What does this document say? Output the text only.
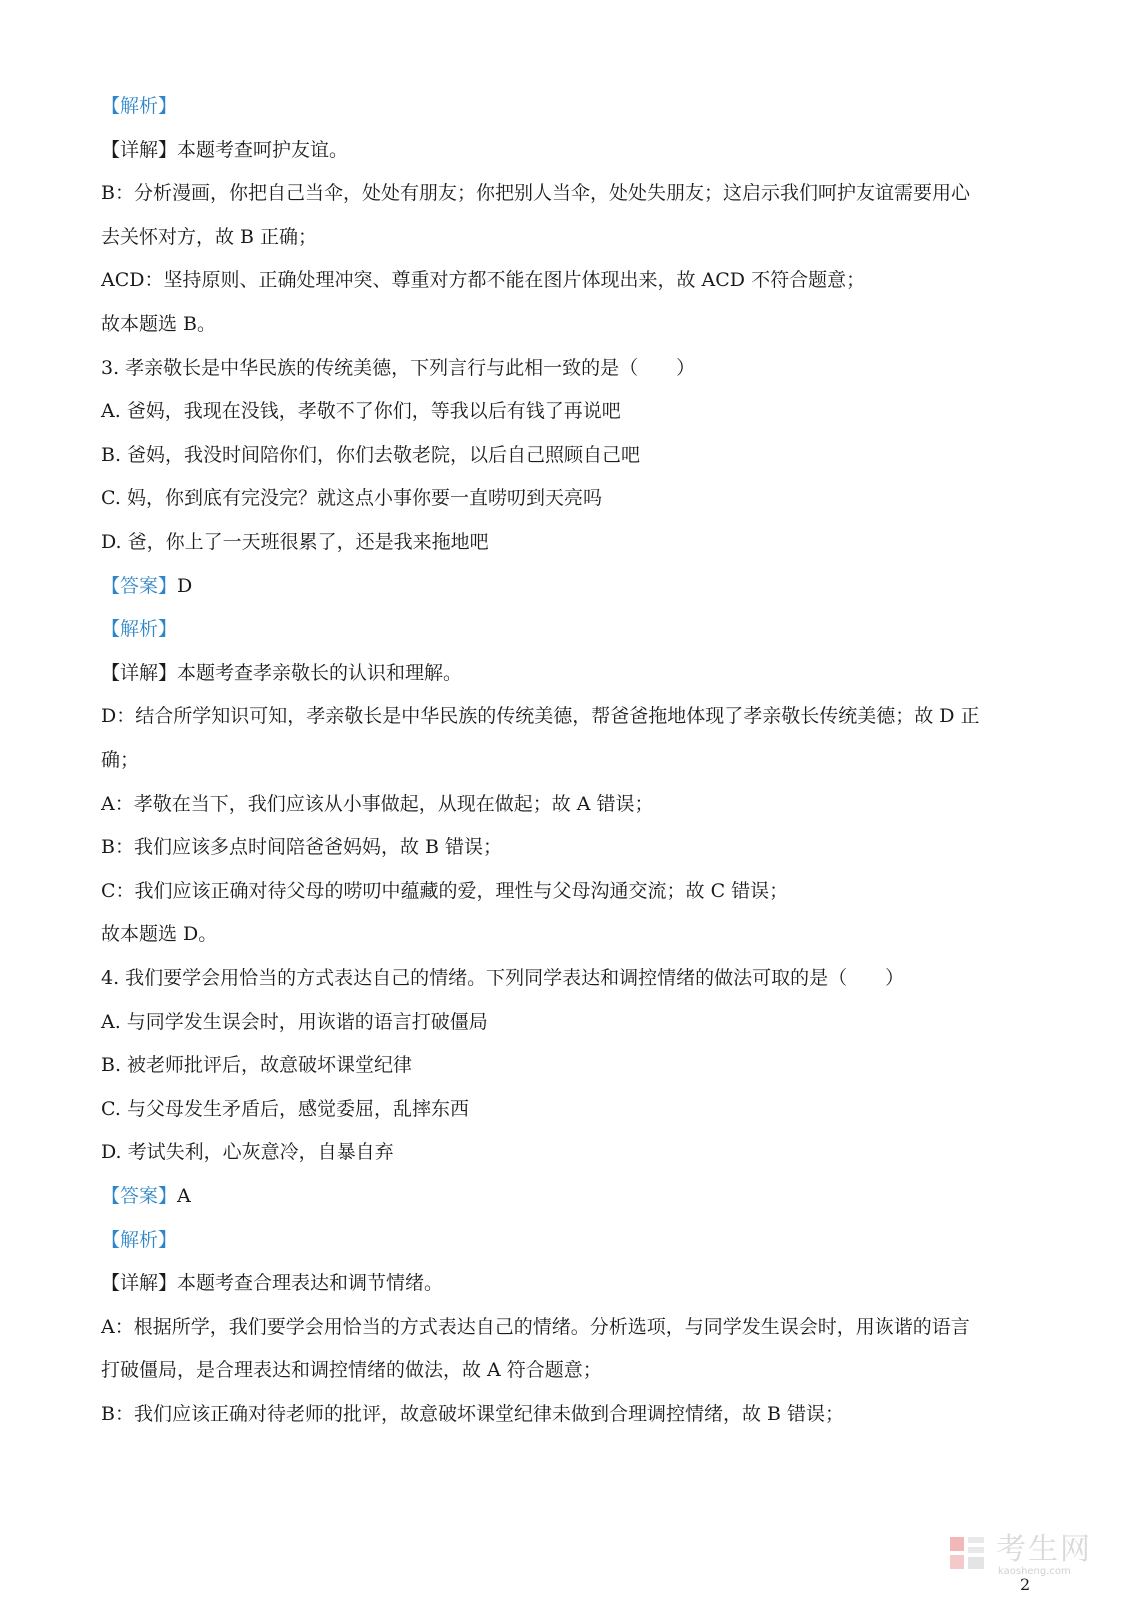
【解析】
【详解】本题考查呵护友谊。
B：分析漫画，你把自己当伞，处处有朋友；你把别人当伞，处处失朋友；这启示我们呵护友谊需要用心
去关怀对方，故 B 正确；
ACD：坚持原则、正确处理冲突、尊重对方都不能在图片体现出来，故 ACD 不符合题意；
故本题选 B。
3. 孝亲敬长是中华民族的传统美德，下列言行与此相一致的是（　　）
A. 爸妈，我现在没钱，孝敬不了你们，等我以后有钱了再说吧
B. 爸妈，我没时间陪你们，你们去敬老院，以后自己照顾自己吧
C. 妈，你到底有完没完？就这点小事你要一直唠叨到天亮吗
D. 爸，你上了一天班很累了，还是我来拖地吧
【答案】D
【解析】
【详解】本题考查孝亲敬长的认识和理解。
D：结合所学知识可知，孝亲敬长是中华民族的传统美德，帮爸爸拖地体现了孝亲敬长传统美德；故 D 正
确；
A：孝敬在当下，我们应该从小事做起，从现在做起；故 A 错误；
B：我们应该多点时间陪爸爸妈妈，故 B 错误；
C：我们应该正确对待父母的唠叨中蕴藏的爱，理性与父母沟通交流；故 C 错误；
故本题选 D。
4. 我们要学会用恰当的方式表达自己的情绪。下列同学表达和调控情绪的做法可取的是（　　）
A. 与同学发生误会时，用诙谐的语言打破僵局
B. 被老师批评后，故意破坏课堂纪律
C. 与父母发生矛盾后，感觉委屈，乱摔东西
D. 考试失利，心灰意冷，自暴自弃
【答案】A
【解析】
【详解】本题考查合理表达和调节情绪。
A：根据所学，我们要学会用恰当的方式表达自己的情绪。分析选项，与同学发生误会时，用诙谐的语言
打破僵局，是合理表达和调控情绪的做法，故 A 符合题意；
B：我们应该正确对待老师的批评，故意破坏课堂纪律未做到合理调控情绪，故 B 错误；
考生网
kaosheng.com
2
